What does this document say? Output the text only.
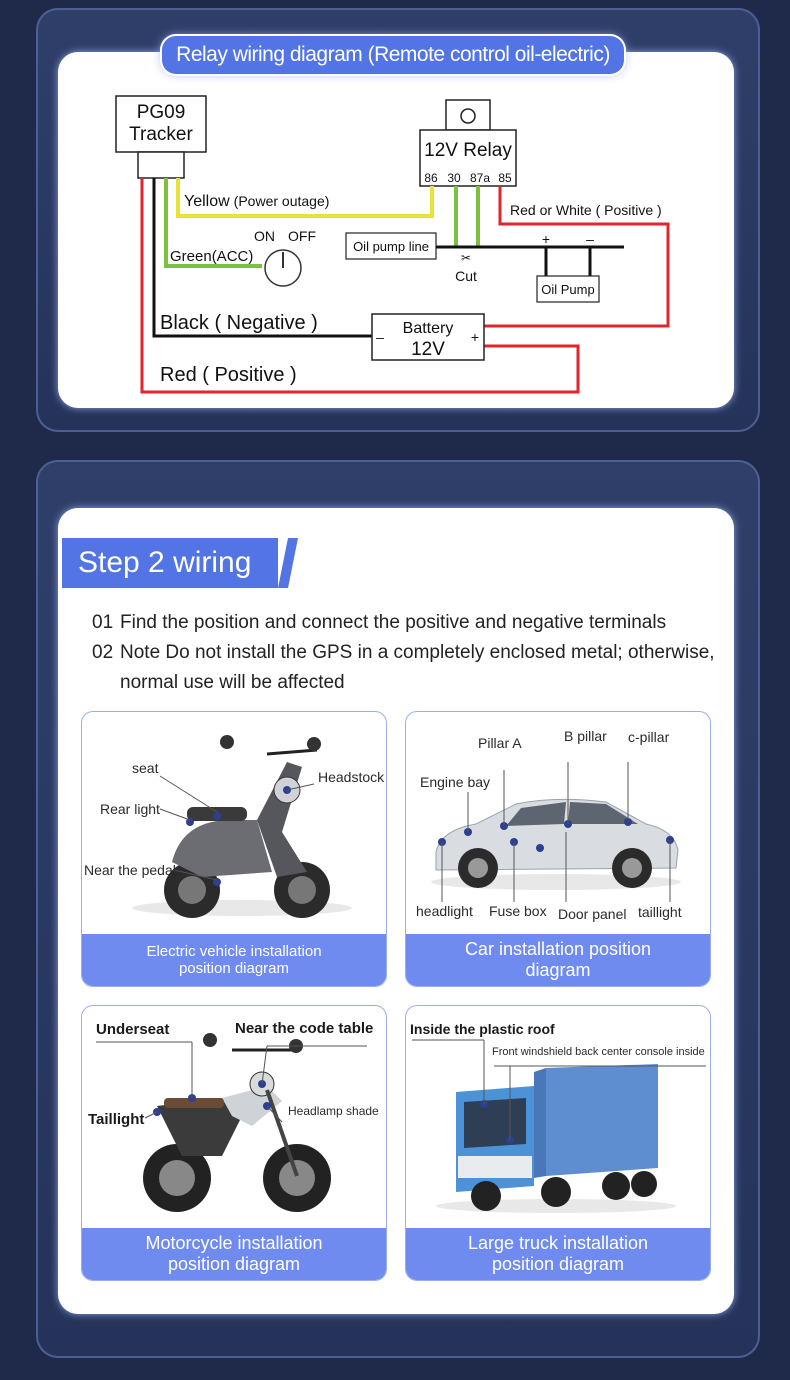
Relay wiring diagram (Remote control oil-electric)
PG09
Tracker
12V Relay
86 30 87a 85
Yellow (Power outage)
Green(ACC)
ON OFF
Oil pump line
✂
Cut
Red or White ( Positive )
+	–
Oil Pump
Black ( Negative )
Red ( Positive )
Battery
12V
–	+
Step 2 wiring
01 Find the position and connect the positive and negative terminals
02 Note Do not install the GPS in a completely enclosed metal; otherwise,
normal use will be affected
seat
Rear light
Near the pedal
Headstock
Electric vehicle installation
position diagram
Pillar A	B pillar c-pillar
Engine bay
headlight Fuse box Door panel taillight
Car installation position
diagram
Underseat	Near the code table
Taillight	Headlamp shade
Motorcycle installation
position diagram
Inside the plastic roof
Front windshield back center console inside
Large truck installation
position diagram
